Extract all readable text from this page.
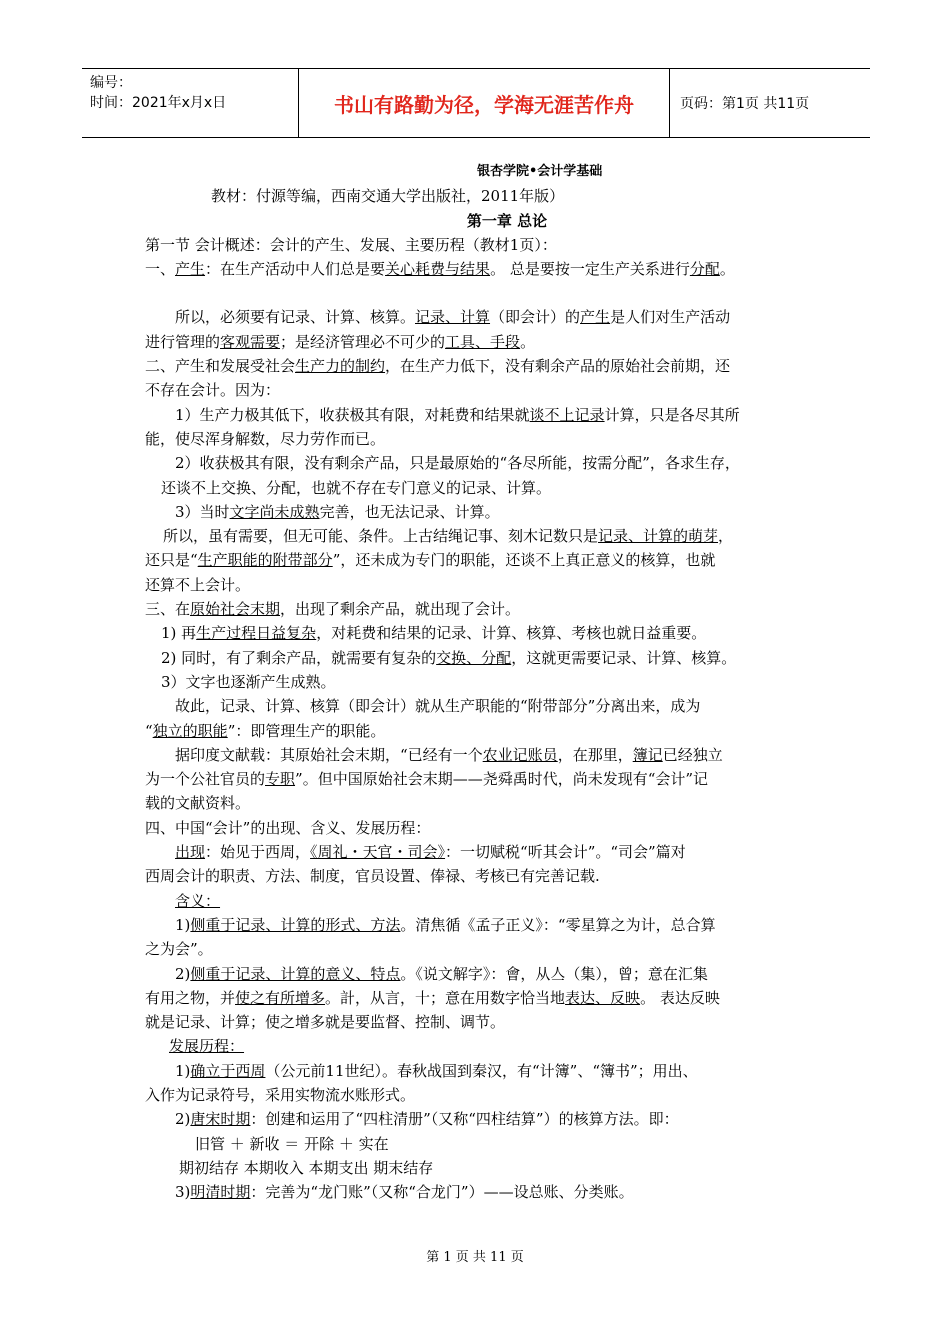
编号：
时间：2021年x月x日	书山有路勤为径，学海无涯苦作舟	页码：第1页 共11页
银杏学院•会计学基础
教材：付源等编，西南交通大学出版社，2011年版）
第一章 总论
第一节 会计概述：会计的产生、发展、主要历程（教材1页）：
一、产生：在生产活动中人们总是要关心耗费与结果。 总是要按一定生产关系进行分配。
所以，必须要有记录、计算、核算。记录、计算（即会计）的产生是人们对生产活动
进行管理的客观需要；是经济管理必不可少的工具、手段。
二、产生和发展受社会生产力的制约，在生产力低下，没有剩余产品的原始社会前期，还
不存在会计。因为：
1）生产力极其低下，收获极其有限，对耗费和结果就谈不上记录计算，只是各尽其所
能，使尽浑身解数，尽力劳作而已。
2）收获极其有限，没有剩余产品，只是最原始的“各尽所能，按需分配”，各求生存，
还谈不上交换、分配，也就不存在专门意义的记录、计算。
3）当时文字尚未成熟完善，也无法记录、计算。
所以，虽有需要，但无可能、条件。上古结绳记事、刻木记数只是记录、计算的萌芽，
还只是“生产职能的附带部分”，还未成为专门的职能，还谈不上真正意义的核算，也就
还算不上会计。
三、在原始社会末期，出现了剩余产品，就出现了会计。
1) 再生产过程日益复杂，对耗费和结果的记录、计算、核算、考核也就日益重要。
2) 同时，有了剩余产品，就需要有复杂的交换、分配，这就更需要记录、计算、核算。
3）文字也逐渐产生成熟。
故此，记录、计算、核算（即会计）就从生产职能的“附带部分”分离出来，成为
“独立的职能”：即管理生产的职能。
据印度文献载：其原始社会末期，“已经有一个农业记账员，在那里，簿记已经独立
为一个公社官员的专职”。但中国原始社会末期——尧舜禹时代，尚未发现有“会计”记
载的文献资料。
四、中国“会计”的出现、含义、发展历程：
出现：始见于西周，《周礼・天官・司会》：一切赋税“听其会计”。“司会”篇对
西周会计的职责、方法、制度，官员设置、俸禄、考核已有完善记载.
含义：
1)侧重于记录、计算的形式、方法。清焦循《孟子正义》：“零星算之为计，总合算
之为会”。
2)侧重于记录、计算的意义、特点。《说文解字》：會，从亼（集），曾；意在汇集
有用之物，并使之有所增多。計，从言，十；意在用数字恰当地表达、反映。 表达反映
就是记录、计算；使之增多就是要监督、控制、调节。
发展历程：
1)确立于西周（公元前11世纪）。春秋战国到秦汉，有“计簿”、“簿书”；用出、
入作为记录符号，采用实物流水账形式。
2)唐宋时期：创建和运用了“四柱清册”（又称“四柱结算”）的核算方法。即：
旧管 ＋ 新收 ＝ 开除 ＋ 实在
期初结存 本期收入 本期支出 期末结存
3)明清时期：完善为“龙门账”（又称“合龙门”）——设总账、分类账。
第 1 页 共 11 页
